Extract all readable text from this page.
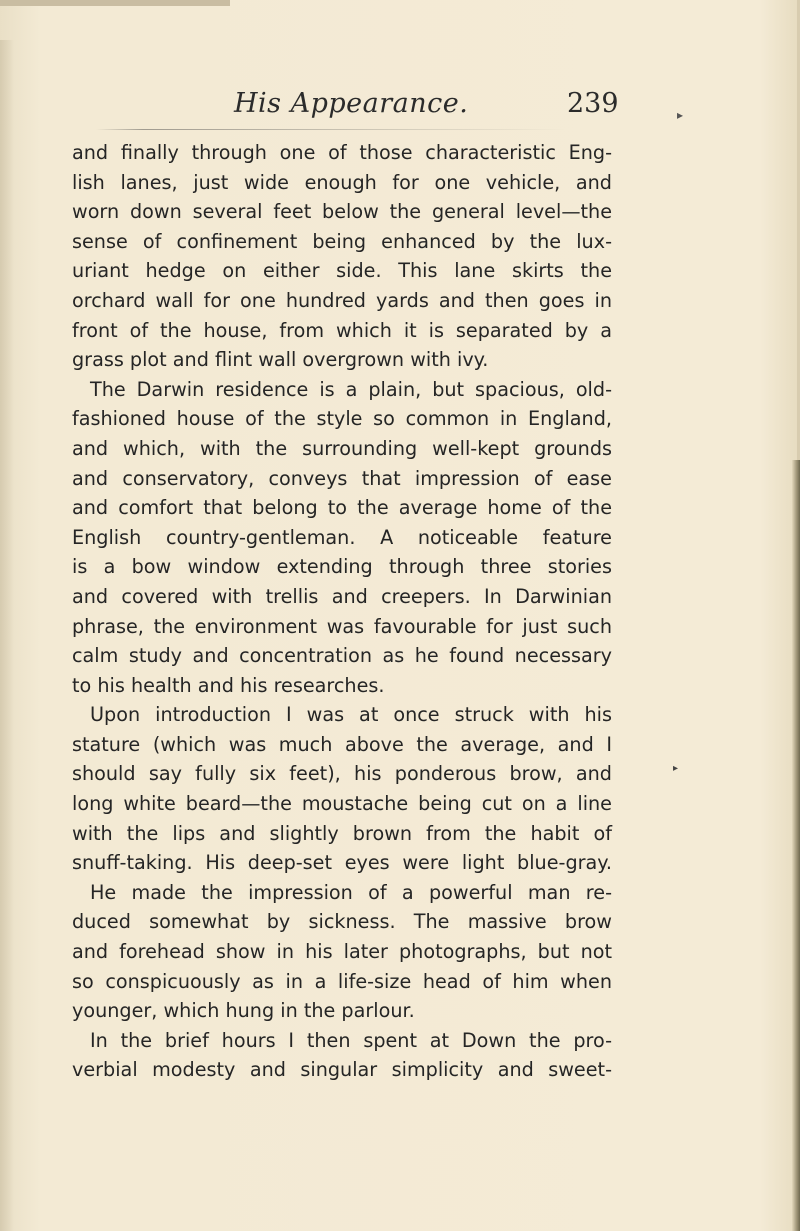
His Appearance.	239	▸
and finally through one of those characteristic Eng-
lish lanes, just wide enough for one vehicle, and
worn down several feet below the general level—the
sense of confinement being enhanced by the lux-
uriant hedge on either side. This lane skirts the
orchard wall for one hundred yards and then goes in
front of the house, from which it is separated by a
grass plot and flint wall overgrown with ivy.
The Darwin residence is a plain, but spacious, old-
fashioned house of the style so common in England,
and which, with the surrounding well-kept grounds
and conservatory, conveys that impression of ease
and comfort that belong to the average home of the
English country-gentleman. A noticeable feature
is a bow window extending through three stories
and covered with trellis and creepers. In Darwinian
phrase, the environment was favourable for just such
calm study and concentration as he found necessary
to his health and his researches.
Upon introduction I was at once struck with his
stature (which was much above the average, and I
should say fully six feet), his ponderous brow, and
long white beard—the moustache being cut on a line
with the lips and slightly brown from the habit of
snuff-taking. His deep-set eyes were light blue-gray.
He made the impression of a powerful man re-
duced somewhat by sickness. The massive brow
and forehead show in his later photographs, but not
so conspicuously as in a life-size head of him when
younger, which hung in the parlour.
In the brief hours I then spent at Down the pro-
verbial modesty and singular simplicity and sweet-
▸
